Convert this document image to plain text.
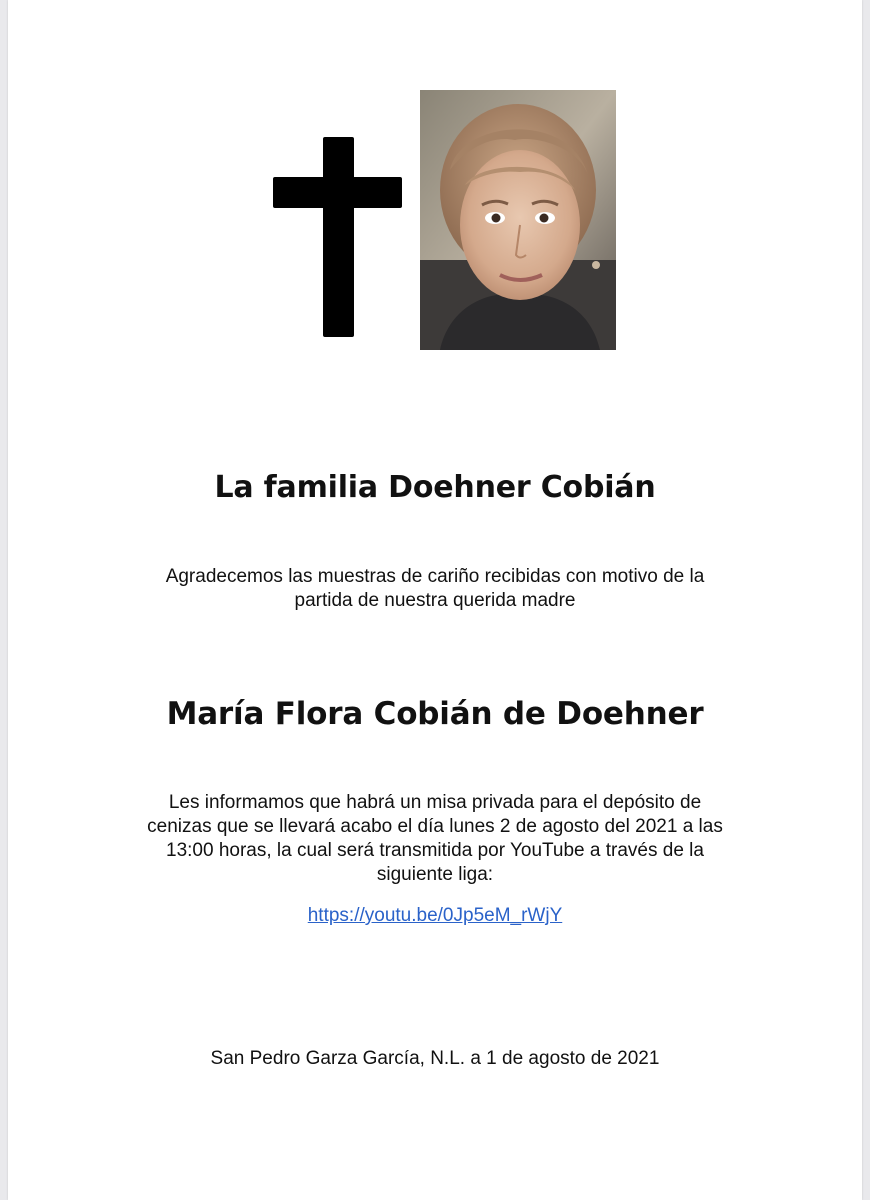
La familia Doehner Cobián

Agradecemos las muestras de cariño recibidas con motivo de la
partida de nuestra querida madre

María Flora Cobián de Doehner

Les informamos que habrá un misa privada para el depósito de
cenizas que se llevará acabo el día lunes 2 de agosto del 2021 a las
13:00 horas, la cual será transmitida por YouTube a través de la
siguiente liga:

https://youtu.be/0Jp5eM_rWjY

San Pedro Garza García, N.L. a 1 de agosto de 2021
